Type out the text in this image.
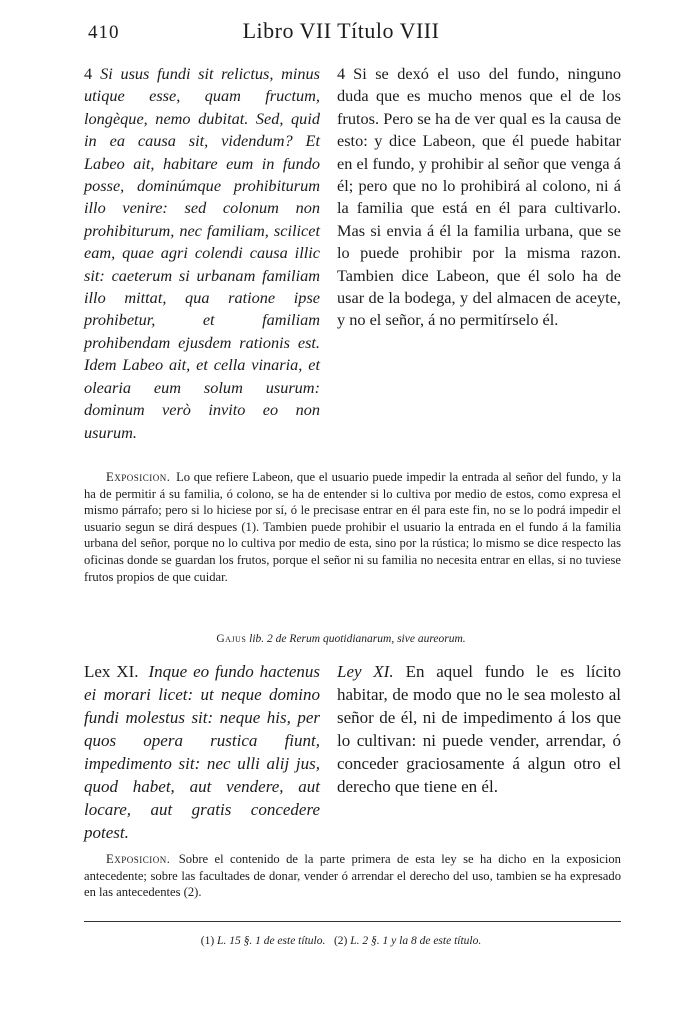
410	Libro VII Título VIII
4 Si usus fundi sit relictus, minus utique esse, quam fructum, longèque, nemo dubitat. Sed, quid in ea causa sit, videndum? Et Labeo ait, habitare eum in fundo posse, dominúmque prohibiturum illo venire: sed colonum non prohibiturum, nec familiam, scilicet eam, quae agri colendi causa illic sit: caeterum si urbanam familiam illo mittat, qua ratione ipse prohibetur, et familiam prohibendam ejusdem rationis est. Idem Labeo ait, et cella vinaria, et olearia eum solum usurum: dominum verò invito eo non usurum.
4 Si se dexó el uso del fundo, ninguno duda que es mucho menos que el de los frutos. Pero se ha de ver qual es la causa de esto: y dice Labeon, que él puede habitar en el fundo, y prohibir al señor que venga á él; pero que no lo prohibirá al colono, ni á la familia que está en él para cultivarlo. Mas si envia á él la familia urbana, que se lo puede prohibir por la misma razon. Tambien dice Labeon, que él solo ha de usar de la bodega, y del almacen de aceyte, y no el señor, á no permitírselo él.
Exposicion. Lo que refiere Labeon, que el usuario puede impedir la entrada al señor del fundo, y la ha de permitir á su familia, ó colono, se ha de entender si lo cultiva por medio de estos, como expresa el mismo párrafo; pero si lo hiciese por sí, ó le precisase entrar en él para este fin, no se lo podrá impedir el usuario segun se dirá despues (1). Tambien puede prohibir el usuario la entrada en el fundo á la familia urbana del señor, porque no lo cultiva por medio de esta, sino por la rústica; lo mismo se dice respecto las oficinas donde se guardan los frutos, porque el señor ni su familia no necesita entrar en ellas, si no tuviese frutos propios de que cuidar.
Gajus lib. 2 de Rerum quotidianarum, sive aureorum.
Lex XI. Inque eo fundo hactenus ei morari licet: ut neque domino fundi molestus sit: neque his, per quos opera rustica fiunt, impedimento sit: nec ulli alij jus, quod habet, aut vendere, aut locare, aut gratis concedere potest.
Ley XI. En aquel fundo le es lícito habitar, de modo que no le sea molesto al señor de él, ni de impedimento á los que lo cultivan: ni puede vender, arrendar, ó conceder graciosamente á algun otro el derecho que tiene en él.
Exposicion. Sobre el contenido de la parte primera de esta ley se ha dicho en la exposicion antecedente; sobre las facultades de donar, vender ó arrendar el derecho del uso, tambien se ha expresado en las antecedentes (2).
(1) L. 15 §. 1 de este título. (2) L. 2 §. 1 y la 8 de este título.
